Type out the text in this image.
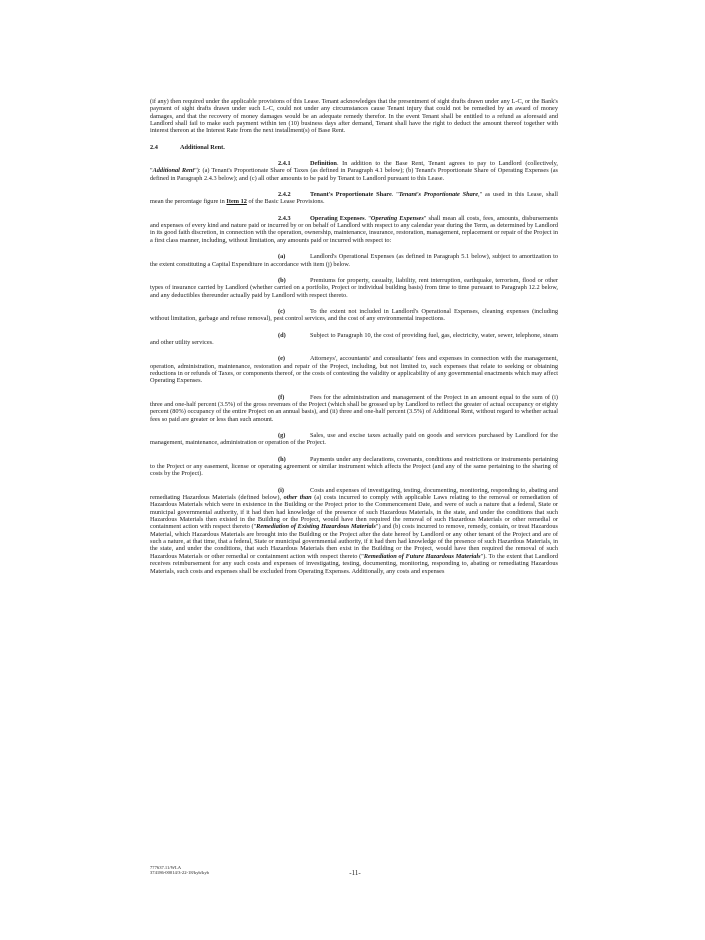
(if any) then required under the applicable provisions of this Lease. Tenant acknowledges that the presentment of sight drafts drawn under any L-C, or the Bank's payment of sight drafts drawn under such L-C, could not under any circumstances cause Tenant injury that could not be remedied by an award of money damages, and that the recovery of money damages would be an adequate remedy therefor. In the event Tenant shall be entitled to a refund as aforesaid and Landlord shall fail to make such payment within ten (10) business days after demand, Tenant shall have the right to deduct the amount thereof together with interest thereon at the Interest Rate from the next installment(s) of Base Rent.

2.4	Additional Rent.

2.4.1	Definition. In addition to the Base Rent, Tenant agrees to pay to Landlord (collectively, "Additional Rent"): (a) Tenant's Proportionate Share of Taxes (as defined in Paragraph 4.1 below); (b) Tenant's Proportionate Share of Operating Expenses (as defined in Paragraph 2.4.3 below); and (c) all other amounts to be paid by Tenant to Landlord pursuant to this Lease.

2.4.2	Tenant's Proportionate Share. "Tenant's Proportionate Share," as used in this Lease, shall mean the percentage figure in Item 12 of the Basic Lease Provisions.

2.4.3	Operating Expenses. "Operating Expenses" shall mean all costs, fees, amounts, disbursements and expenses of every kind and nature paid or incurred by or on behalf of Landlord with respect to any calendar year during the Term, as determined by Landlord in its good faith discretion, in connection with the operation, ownership, maintenance, insurance, restoration, management, replacement or repair of the Project in a first class manner, including, without limitation, any amounts paid or incurred with respect to:

(a)	Landlord's Operational Expenses (as defined in Paragraph 5.1 below), subject to amortization to the extent constituting a Capital Expenditure in accordance with item (j) below.

(b)	Premiums for property, casualty, liability, rent interruption, earthquake, terrorism, flood or other types of insurance carried by Landlord (whether carried on a portfolio, Project or individual building basis) from time to time pursuant to Paragraph 12.2 below, and any deductibles thereunder actually paid by Landlord with respect thereto.

(c)	To the extent not included in Landlord's Operational Expenses, cleaning expenses (including without limitation, garbage and refuse removal), pest control services, and the cost of any environmental inspections.

(d)	Subject to Paragraph 10, the cost of providing fuel, gas, electricity, water, sewer, telephone, steam and other utility services.

(e)	Attorneys', accountants' and consultants' fees and expenses in connection with the management, operation, administration, maintenance, restoration and repair of the Project, including, but not limited to, such expenses that relate to seeking or obtaining reductions in or refunds of Taxes, or components thereof, or the costs of contesting the validity or applicability of any governmental enactments which may affect Operating Expenses.

(f)	Fees for the administration and management of the Project in an amount equal to the sum of (i) three and one-half percent (3.5%) of the gross revenues of the Project (which shall be grossed up by Landlord to reflect the greater of actual occupancy or eighty percent (80%) occupancy of the entire Project on an annual basis), and (ii) three and one-half percent (3.5%) of Additional Rent, without regard to whether actual fees so paid are greater or less than such amount.

(g)	Sales, use and excise taxes actually paid on goods and services purchased by Landlord for the management, maintenance, administration or operation of the Project.

(h)	Payments under any declarations, covenants, conditions and restrictions or instruments pertaining to the Project or any easement, license or operating agreement or similar instrument which affects the Project (and any of the same pertaining to the sharing of costs by the Project).

(i)	Costs and expenses of investigating, testing, documenting, monitoring, responding to, abating and remediating Hazardous Materials (defined below), other than (a) costs incurred to comply with applicable Laws relating to the removal or remediation of Hazardous Materials which were in existence in the Building or the Project prior to the Commencement Date, and were of such a nature that a federal, State or municipal governmental authority, if it had then had knowledge of the presence of such Hazardous Materials, in the state, and under the conditions that such Hazardous Materials then existed in the Building or the Project, would have then required the removal of such Hazardous Materials or other remedial or containment action with respect thereto ("Remediation of Existing Hazardous Materials") and (b) costs incurred to remove, remedy, contain, or treat Hazardous Material, which Hazardous Materials are brought into the Building or the Project after the date hereof by Landlord or any other tenant of the Project and are of such a nature, at that time, that a federal, State or municipal governmental authority, if it had then had knowledge of the presence of such Hazardous Materials, in the state, and under the conditions, that such Hazardous Materials then exist in the Building or the Project, would have then required the removal of such Hazardous Materials or other remedial or containment action with respect thereto ("Remediation of Future Hazardous Materials"). To the extent that Landlord receives reimbursement for any such costs and expenses of investigating, testing, documenting, monitoring, responding to, abating or remediating Hazardous Materials, such costs and expenses shall be excluded from Operating Expenses. Additionally, any costs and expenses

777637.11/WLA
374186-00014/3-22-18/kyb/kyb	-11-
